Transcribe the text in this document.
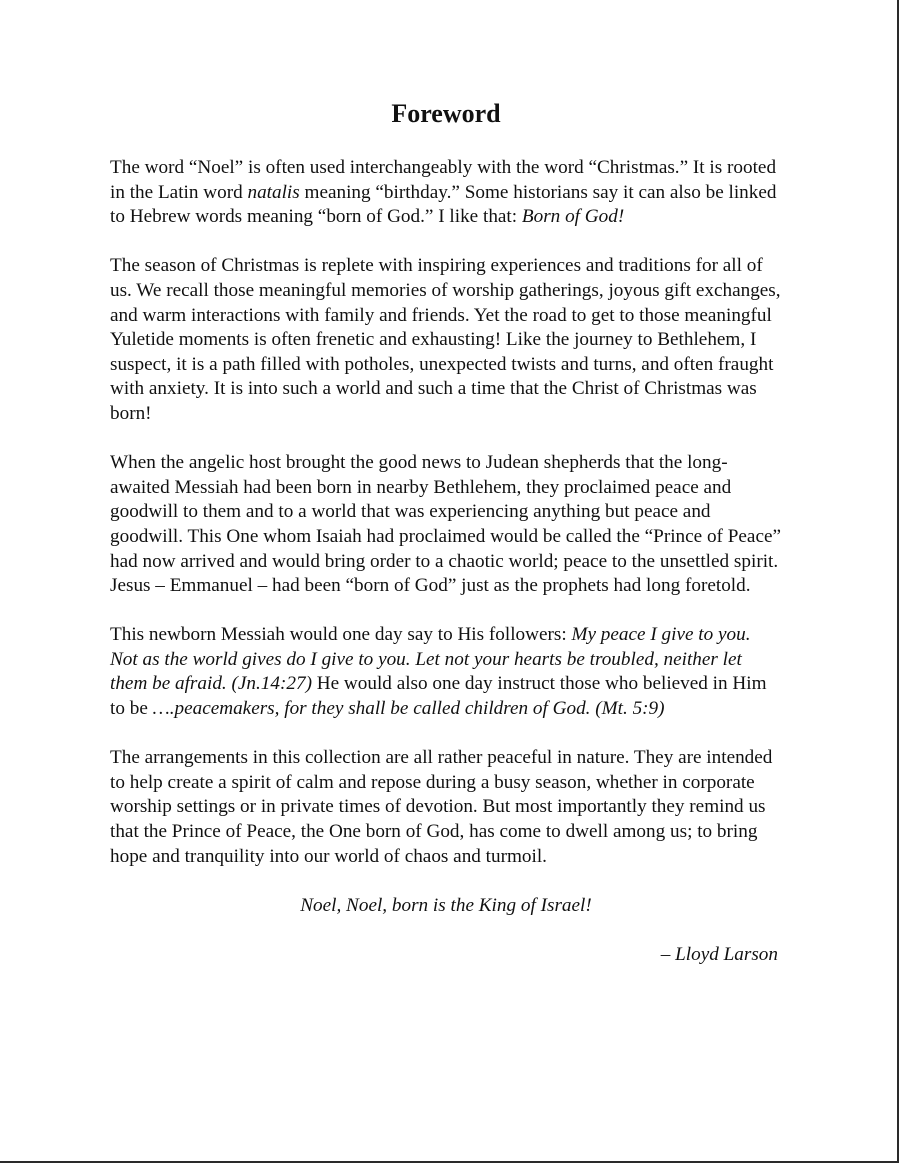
Foreword

The word “Noel” is often used interchangeably with the word “Christmas.” It is rooted in the Latin word natalis meaning “birthday.” Some historians say it can also be linked to Hebrew words meaning “born of God.” I like that: Born of God!

The season of Christmas is replete with inspiring experiences and traditions for all of us. We recall those meaningful memories of worship gatherings, joyous gift exchanges, and warm interactions with family and friends. Yet the road to get to those meaningful Yuletide moments is often frenetic and exhausting! Like the journey to Bethlehem, I suspect, it is a path filled with potholes, unexpected twists and turns, and often fraught with anxiety. It is into such a world and such a time that the Christ of Christmas was born!

When the angelic host brought the good news to Judean shepherds that the long-awaited Messiah had been born in nearby Bethlehem, they proclaimed peace and goodwill to them and to a world that was experiencing anything but peace and goodwill. This One whom Isaiah had proclaimed would be called the “Prince of Peace” had now arrived and would bring order to a chaotic world; peace to the unsettled spirit. Jesus – Emmanuel – had been “born of God” just as the prophets had long foretold.

This newborn Messiah would one day say to His followers: My peace I give to you. Not as the world gives do I give to you. Let not your hearts be troubled, neither let them be afraid. (Jn.14:27) He would also one day instruct those who believed in Him to be ….peacemakers, for they shall be called children of God. (Mt. 5:9)

The arrangements in this collection are all rather peaceful in nature. They are intended to help create a spirit of calm and repose during a busy season, whether in corporate worship settings or in private times of devotion. But most importantly they remind us that the Prince of Peace, the One born of God, has come to dwell among us; to bring hope and tranquility into our world of chaos and turmoil.

Noel, Noel, born is the King of Israel!

– Lloyd Larson
